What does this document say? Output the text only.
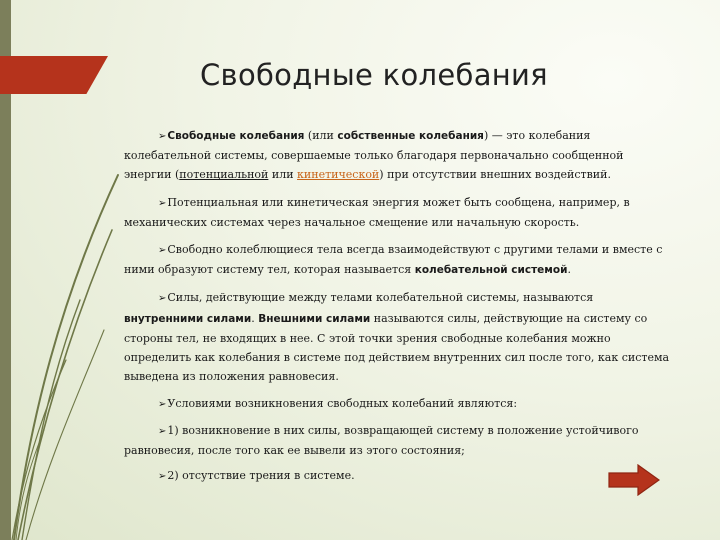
Свободные колебания

➢Свободные колебания (или собственные колебания) — это колебания колебательной системы, совершаемые только благодаря первоначально сообщенной энергии (потенциальной или кинетической) при отсутствии внешних воздействий.

➢Потенциальная или кинетическая энергия может быть сообщена, например, в механических системах через начальное смещение или начальную скорость.

➢Свободно колеблющиеся тела всегда взаимодействуют с другими телами и вместе с ними образуют систему тел, которая называется колебательной системой.

➢Силы, действующие между телами колебательной системы, называются внутренними силами. Внешними силами называются силы, действующие на систему со стороны тел, не входящих в нее. С этой точки зрения свободные колебания можно определить как колебания в системе под действием внутренних сил после того, как система выведена из положения равновесия.

➢Условиями возникновения свободных колебаний являются:

➢1) возникновение в них силы, возвращающей систему в положение устойчивого равновесия, после того как ее вывели из этого состояния;

➢2) отсутствие трения в системе.
